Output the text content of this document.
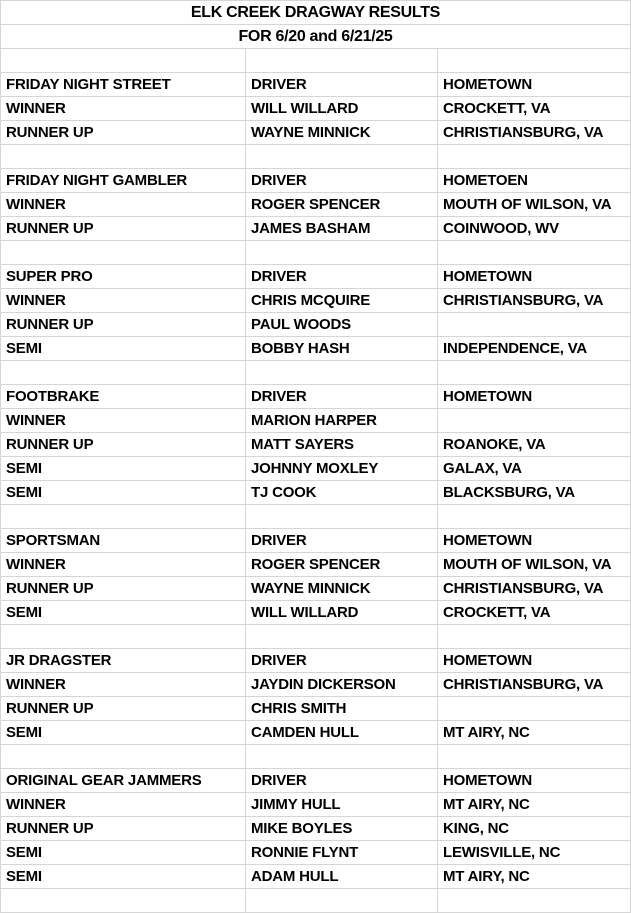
ELK CREEK DRAGWAY RESULTS
FOR 6/20 and 6/21/25
FRIDAY NIGHT STREET	DRIVER	HOMETOWN
WINNER	WILL WILLARD	CROCKETT, VA
RUNNER UP	WAYNE MINNICK	CHRISTIANSBURG, VA
FRIDAY NIGHT GAMBLER	DRIVER	HOMETOEN
WINNER	ROGER SPENCER	MOUTH OF WILSON, VA
RUNNER UP	JAMES BASHAM	COINWOOD, WV
SUPER PRO	DRIVER	HOMETOWN
WINNER	CHRIS MCQUIRE	CHRISTIANSBURG, VA
RUNNER UP	PAUL WOODS
SEMI	BOBBY HASH	INDEPENDENCE, VA
FOOTBRAKE	DRIVER	HOMETOWN
WINNER	MARION HARPER
RUNNER UP	MATT SAYERS	ROANOKE, VA
SEMI	JOHNNY MOXLEY	GALAX, VA
SEMI	TJ COOK	BLACKSBURG, VA
SPORTSMAN	DRIVER	HOMETOWN
WINNER	ROGER SPENCER	MOUTH OF WILSON, VA
RUNNER UP	WAYNE MINNICK	CHRISTIANSBURG, VA
SEMI	WILL WILLARD	CROCKETT, VA
JR DRAGSTER	DRIVER	HOMETOWN
WINNER	JAYDIN DICKERSON	CHRISTIANSBURG, VA
RUNNER UP	CHRIS SMITH
SEMI	CAMDEN HULL	MT AIRY, NC
ORIGINAL GEAR JAMMERS	DRIVER	HOMETOWN
WINNER	JIMMY HULL	MT AIRY, NC
RUNNER UP	MIKE BOYLES	KING, NC
SEMI	RONNIE FLYNT	LEWISVILLE, NC
SEMI	ADAM HULL	MT AIRY, NC
